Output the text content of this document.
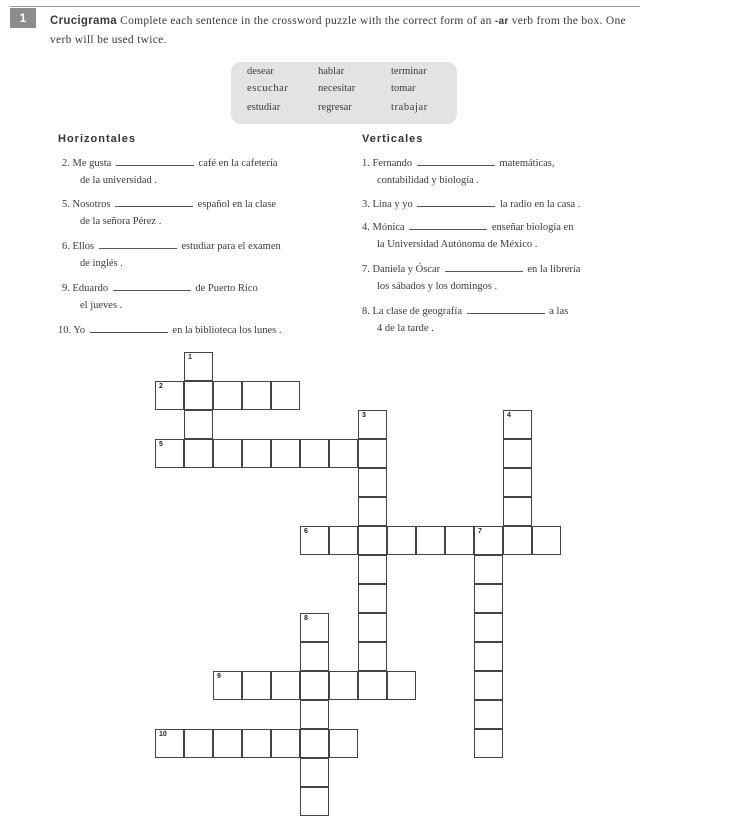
1	Crucigrama Complete each sentence in the crossword puzzle with the correct form of an -ar verb from the box. One verb will be used twice.
desear	hablar	terminar
escuchar	necesitar	tomar
estudiar	regresar	trabajar
Horizontales	Verticales
2. Me gusta	café en la cafetería
de la universidad .
5. Nosotros	español en la clase
de la señora Pérez .
6. Ellos	estudiar para el examen
de inglés .
9. Eduardo	de Puerto Rico
el jueves .
10. Yo	en la biblioteca los lunes .
1. Fernando	matemáticas,
contabilidad y biología .
3. Lina y yo	la radio en la casa .
4. Mónica	enseñar biología en
la Universidad Autónoma de México .
7. Daniela y Óscar	en la librería
los sábados y los domingos .
8. La clase de geografía	a las
4 de la tarde .
1
2
3	4
5
6	7
8
9
10
